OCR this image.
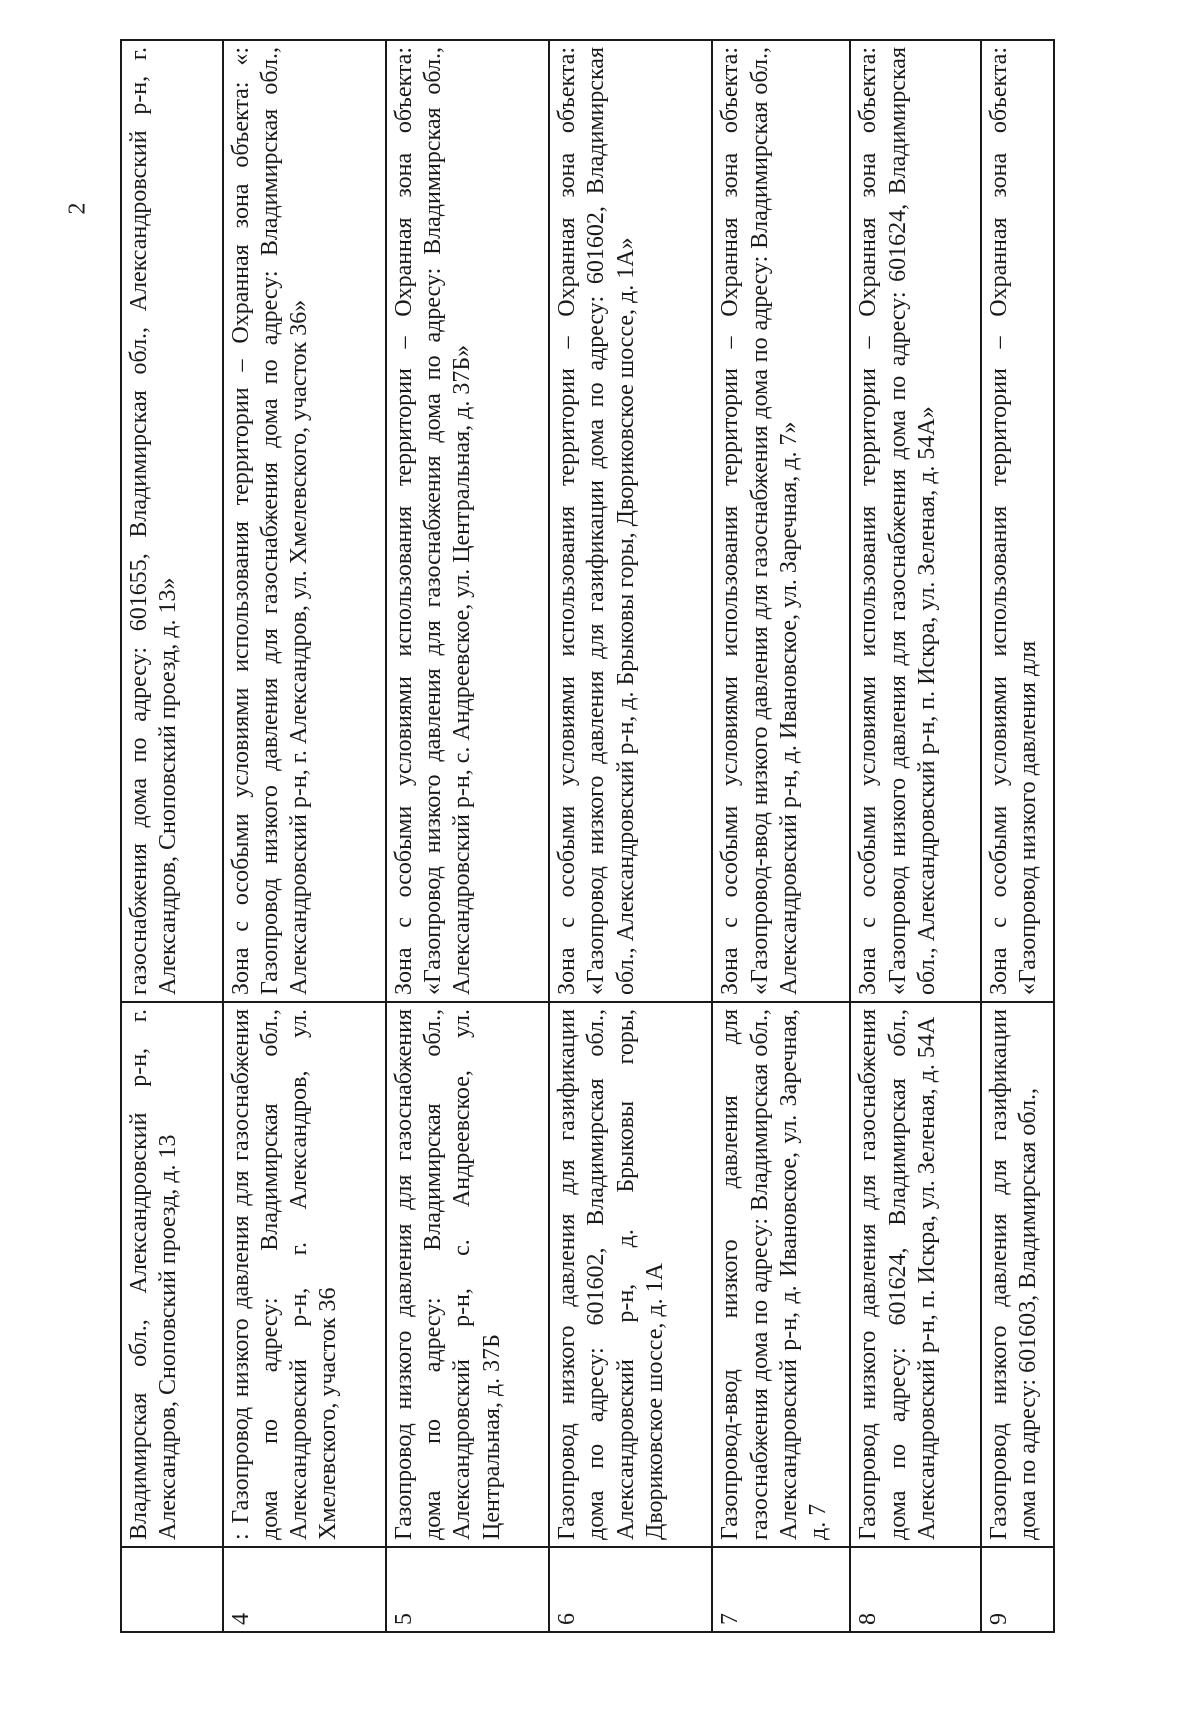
2
	Владимирская обл., Александровский р-н, г. Александров, Сноповский проезд, д. 13	газоснабжения дома по адресу: 601655, Владимирская обл., Александровский р-н, г. Александров, Сноповский проезд, д. 13»
4	: Газопровод низкого давления для газоснабжения дома по адресу: Владимирская обл., Александровский р-н, г. Александров, ул. Хмелевского, участок 36	Зона с особыми условиями использования территории – Охранная зона объекта: «: Газопровод низкого давления для газоснабжения дома по адресу: Владимирская обл., Александровский р-н, г. Александров, ул. Хмелевского, участок 36»
5	Газопровод низкого давления для газоснабжения дома по адресу: Владимирская обл., Александровский р-н, с. Андреевское, ул. Центральная, д. 37Б	Зона с особыми условиями использования территории – Охранная зона объекта: «Газопровод низкого давления для газоснабжения дома по адресу: Владимирская обл., Александровский р-н, с. Андреевское, ул. Центральная, д. 37Б»
6	Газопровод низкого давления для газификации дома по адресу: 601602, Владимирская обл., Александровский р-н, д. Брыковы горы, Двориковское шоссе, д. 1А	Зона с особыми условиями использования территории – Охранная зона объекта: «Газопровод низкого давления для газификации дома по адресу: 601602, Владимирская обл., Александровский р-н, д. Брыковы горы, Двориковское шоссе, д. 1А»
7	Газопровод-ввод низкого давления для газоснабжения дома по адресу: Владимирская обл., Александровский р-н, д. Ивановское, ул. Заречная, д. 7	Зона с особыми условиями использования территории – Охранная зона объекта: «Газопровод-ввод низкого давления для газоснабжения дома по адресу: Владимирская обл., Александровский р-н, д. Ивановское, ул. Заречная, д. 7»
8	Газопровод низкого давления для газоснабжения дома по адресу: 601624, Владимирская обл., Александровский р-н, п. Искра, ул. Зеленая, д. 54А	Зона с особыми условиями использования территории – Охранная зона объекта: «Газопровод низкого давления для газоснабжения дома по адресу: 601624, Владимирская обл., Александровский р-н, п. Искра, ул. Зеленая, д. 54А»
9	Газопровод низкого давления для газификации дома по адресу: 601603, Владимирская обл.,	Зона с особыми условиями использования территории – Охранная зона объекта: «Газопровод низкого давления для
